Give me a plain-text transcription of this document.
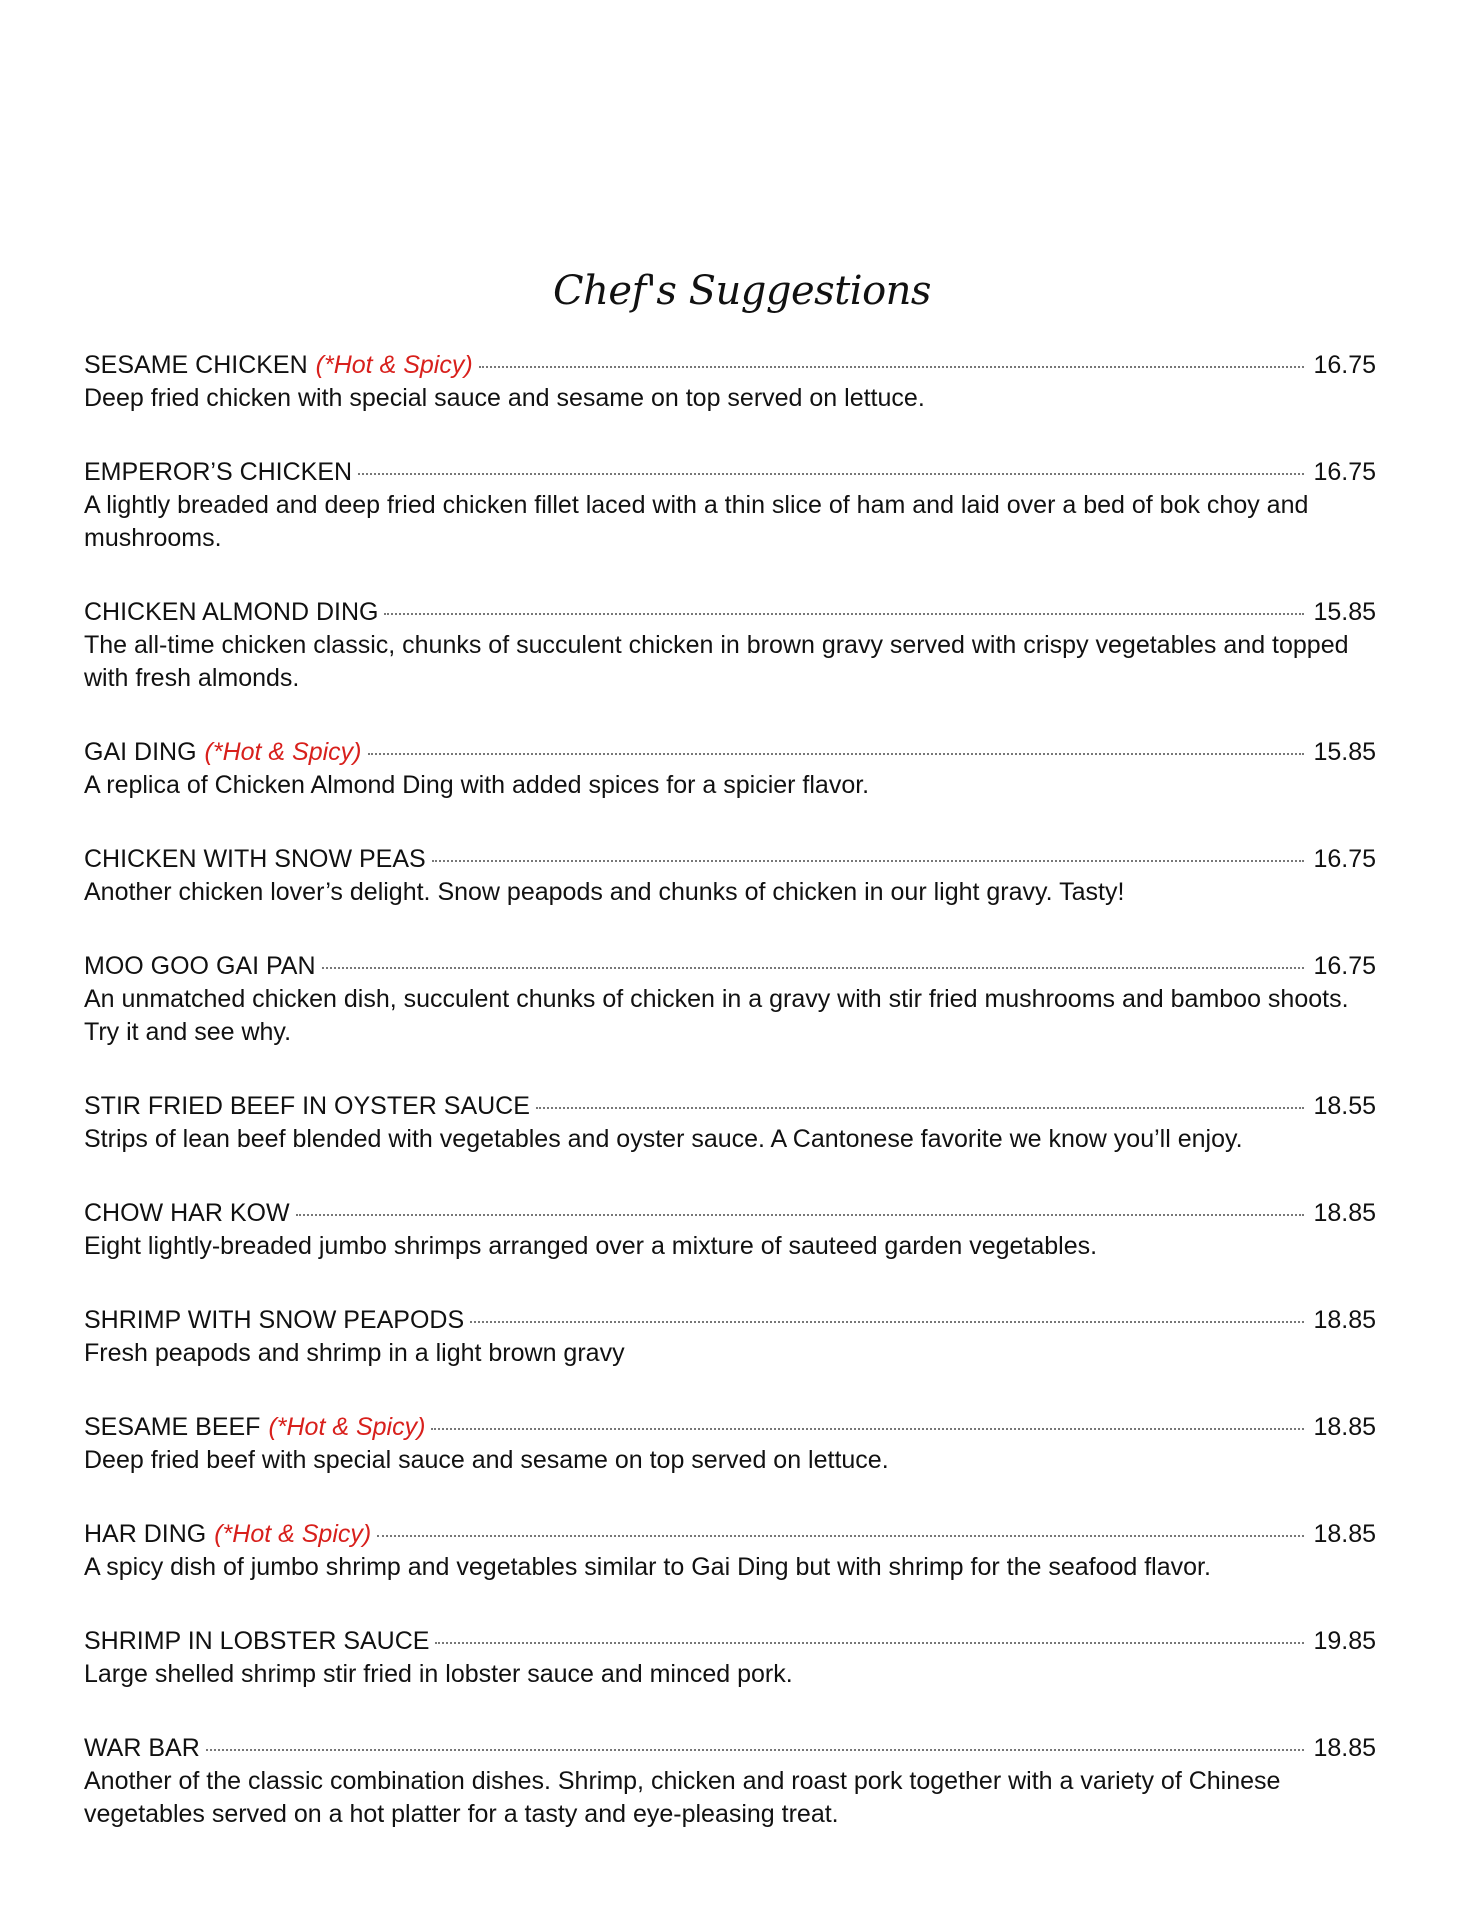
Chef's Suggestions
SESAME CHICKEN (*Hot & Spicy)	16.75

Deep fried chicken with special sauce and sesame on top served on lettuce.

EMPEROR’S CHICKEN	16.75

A lightly breaded and deep fried chicken fillet laced with a thin slice of ham and laid over a bed of bok choy and mushrooms.

CHICKEN ALMOND DING	15.85

The all-time chicken classic, chunks of succulent chicken in brown gravy served with crispy vegetables and topped with fresh almonds.

GAI DING (*Hot & Spicy)	15.85

A replica of Chicken Almond Ding with added spices for a spicier flavor.

CHICKEN WITH SNOW PEAS	16.75

Another chicken lover’s delight. Snow peapods and chunks of chicken in our light gravy. Tasty!

MOO GOO GAI PAN	16.75

An unmatched chicken dish, succulent chunks of chicken in a gravy with stir fried mushrooms and bamboo shoots. Try it and see why.

STIR FRIED BEEF IN OYSTER SAUCE	18.55

Strips of lean beef blended with vegetables and oyster sauce. A Cantonese favorite we know you’ll enjoy.

CHOW HAR KOW	18.85

Eight lightly-breaded jumbo shrimps arranged over a mixture of sauteed garden vegetables.

SHRIMP WITH SNOW PEAPODS	18.85

Fresh peapods and shrimp in a light brown gravy

SESAME BEEF (*Hot & Spicy)	18.85

Deep fried beef with special sauce and sesame on top served on lettuce.

HAR DING (*Hot & Spicy)	18.85

A spicy dish of jumbo shrimp and vegetables similar to Gai Ding but with shrimp for the seafood flavor.

SHRIMP IN LOBSTER SAUCE	19.85

Large shelled shrimp stir fried in lobster sauce and minced pork.

WAR BAR	18.85

Another of the classic combination dishes. Shrimp, chicken and roast pork together with a variety of Chinese vegetables served on a hot platter for a tasty and eye-pleasing treat.
